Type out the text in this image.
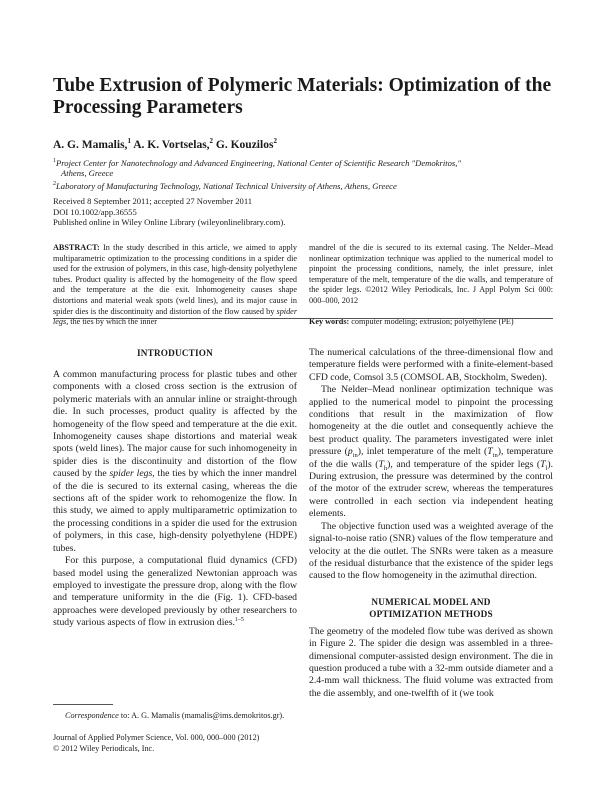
Tube Extrusion of Polymeric Materials: Optimization of the Processing Parameters
A. G. Mamalis,$^1$ A. K. Vortselas,$^2$ G. Kouzilos$^2$
$^1$Project Center for Nanotechnology and Advanced Engineering, National Center of Scientific Research "Demokritos,"
Athens, Greece
$^2$Laboratory of Manufacturing Technology, National Technical University of Athens, Athens, Greece
Received 8 September 2011; accepted 27 November 2011
DOI 10.1002/app.36555
Published online in Wiley Online Library (wileyonlinelibrary.com).

ABSTRACT: In the study described in this article, we aimed to apply multiparametric optimization to the processing conditions in a spider die used for the extrusion of polymers, in this case, high-density polyethylene tubes. Product quality is affected by the homogeneity of the flow speed and the temperature at the die exit. Inhomogeneity causes shape distortions and material weak spots (weld lines), and its major cause in spider dies is the discontinuity and distortion of the flow caused by spider legs, the ties by which the inner

mandrel of the die is secured to its external casing. The Nelder–Mead nonlinear optimization technique was applied to the numerical model to pinpoint the processing conditions, namely, the inlet pressure, inlet temperature of the melt, temperature of the die walls, and temperature of the spider legs. ©2012 Wiley Periodicals, Inc. J Appl Polym Sci 000: 000–000, 2012

Key words: computer modeling; extrusion; polyethylene (PE)

INTRODUCTION

A common manufacturing process for plastic tubes and other components with a closed cross section is the extrusion of polymeric materials with an annular inline or straight-through die. In such processes, product quality is affected by the homogeneity of the flow speed and temperature at the die exit. Inhomogeneity causes shape distortions and material weak spots (weld lines). The major cause for such inhomogeneity in spider dies is the discontinuity and distortion of the flow caused by the spider legs, the ties by which the inner mandrel of the die is secured to its external casing, whereas the die sections aft of the spider work to rehomogenize the flow. In this study, we aimed to apply multiparametric optimization to the processing conditions in a spider die used for the extrusion of polymers, in this case, high-density polyethylene (HDPE) tubes.

For this purpose, a computational fluid dynamics (CFD) based model using the generalized Newtonian approach was employed to investigate the pressure drop, along with the flow and temperature uniformity in the die (Fig. 1). CFD-based approaches were developed previously by other researchers to study various aspects of flow in extrusion dies.$^{1-5}$

Correspondence to: A. G. Mamalis (mamalis@ims.demokritos.gr).

Journal of Applied Polymer Science, Vol. 000, 000–000 (2012)

© 2012 Wiley Periodicals, Inc.

The numerical calculations of the three-dimensional flow and temperature fields were performed with a finite-element-based CFD code, Comsol 3.5 (COMSOL AB, Stockholm, Sweden).

The Nelder–Mead nonlinear optimization technique was applied to the numerical model to pinpoint the processing conditions that result in the maximization of flow homogeneity at the die outlet and consequently achieve the best product quality. The parameters investigated were inlet pressure $(p_{in})$, inlet temperature of the melt $(T_{in})$, temperature of the die walls $(T_h)$, and temperature of the spider legs $(T_l)$. During extrusion, the pressure was determined by the control of the motor of the extruder screw, whereas the temperatures were controlled in each section via independent heating elements.

The objective function used was a weighted average of the signal-to-noise ratio (SNR) values of the flow temperature and velocity at the die outlet. The SNRs were taken as a measure of the residual disturbance that the existence of the spider legs caused to the flow homogeneity in the azimuthal direction.

NUMERICAL MODEL AND
OPTIMIZATION METHODS

The geometry of the modeled flow tube was derived as shown in Figure 2. The spider die design was assembled in a three-dimensional computer-assisted design environment. The die in question produced a tube with a 32-mm outside diameter and a 2.4-mm wall thickness. The fluid volume was extracted from the die assembly, and one-twelfth of it (we took
